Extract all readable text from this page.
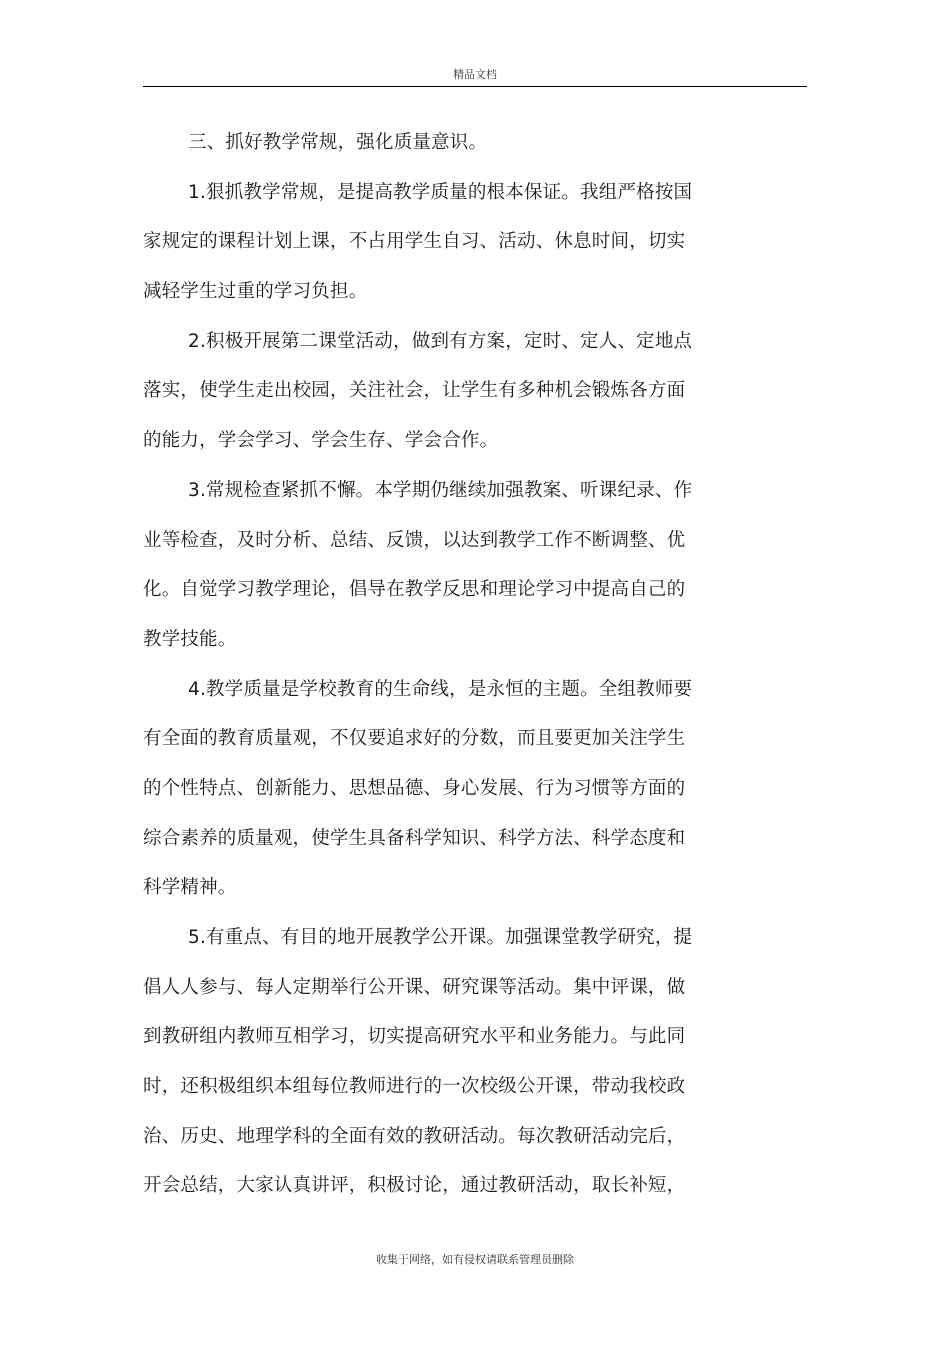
精品文档
三、抓好教学常规，强化质量意识。
1.狠抓教学常规，是提高教学质量的根本保证。我组严格按国
家规定的课程计划上课，不占用学生自习、活动、休息时间，切实
减轻学生过重的学习负担。
2.积极开展第二课堂活动，做到有方案，定时、定人、定地点
落实，使学生走出校园，关注社会，让学生有多种机会锻炼各方面
的能力，学会学习、学会生存、学会合作。
3.常规检查紧抓不懈。本学期仍继续加强教案、听课纪录、作
业等检查，及时分析、总结、反馈，以达到教学工作不断调整、优
化。自觉学习教学理论，倡导在教学反思和理论学习中提高自己的
教学技能。
4.教学质量是学校教育的生命线，是永恒的主题。全组教师要
有全面的教育质量观，不仅要追求好的分数，而且要更加关注学生
的个性特点、创新能力、思想品德、身心发展、行为习惯等方面的
综合素养的质量观，使学生具备科学知识、科学方法、科学态度和
科学精神。
5.有重点、有目的地开展教学公开课。加强课堂教学研究，提
倡人人参与、每人定期举行公开课、研究课等活动。集中评课，做
到教研组内教师互相学习，切实提高研究水平和业务能力。与此同
时，还积极组织本组每位教师进行的一次校级公开课，带动我校政
治、历史、地理学科的全面有效的教研活动。每次教研活动完后，
开会总结，大家认真讲评，积极讨论，通过教研活动，取长补短，
收集于网络，如有侵权请联系管理员删除
